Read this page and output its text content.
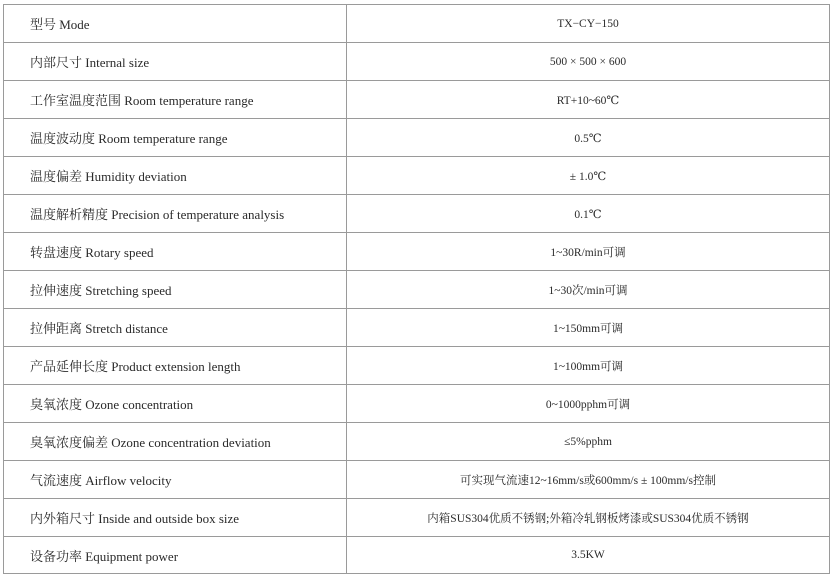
型号 Mode	TX−CY−150
内部尺寸 Internal size	500 × 500 × 600
工作室温度范围 Room temperature range	RT+10~60℃
温度波动度 Room temperature range	0.5℃
温度偏差 Humidity deviation	± 1.0℃
温度解析精度 Precision of temperature analysis	0.1℃
转盘速度 Rotary speed	1~30R/min可调
拉伸速度 Stretching speed	1~30次/min可调
拉伸距离 Stretch distance	1~150mm可调
产品延伸长度 Product extension length	1~100mm可调
臭氧浓度 Ozone concentration	0~1000pphm可调
臭氧浓度偏差 Ozone concentration deviation	≤5%pphm
气流速度 Airflow velocity	可实现气流速12~16mm/s或600mm/s ± 100mm/s控制
内外箱尺寸 Inside and outside box size	内箱SUS304优质不锈钢;外箱冷轧钢板烤漆或SUS304优质不锈钢
设备功率 Equipment power	3.5KW
